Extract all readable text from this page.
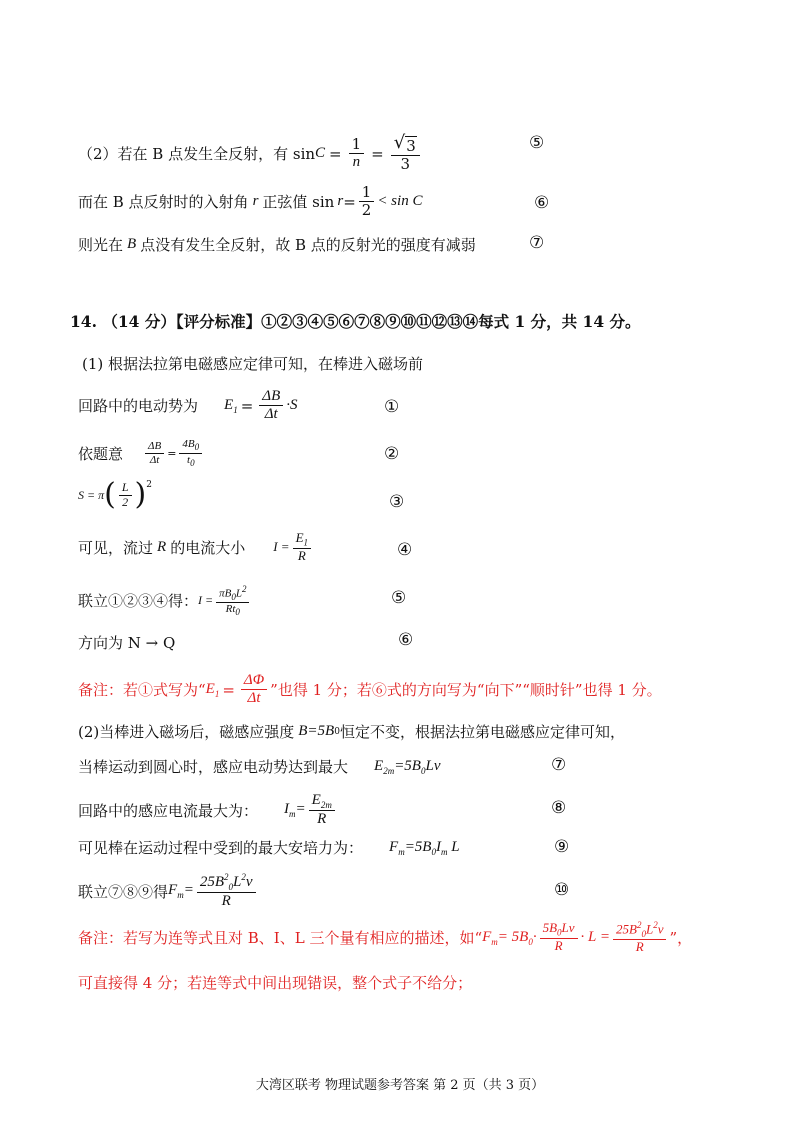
（2）若在 B 点发生全反射，有 $\sin C = \frac{1}{n} = \frac{√ 3}{3}$	⑤
而在 B 点反射时的入射角 r 正弦值 $\sin r = \frac{1}{2} < \sin C$	⑥
则光在 B 点没有发生全反射，故 B 点的反射光的强度有减弱	⑦
14. （14 分）【评分标准】①②③④⑤⑥⑦⑧⑨⑩⑪⑫⑬⑭每式 1 分，共 14 分。
(1) 根据法拉第电磁感应定律可知，在棒进入磁场前
回路中的电动势为 $E_1 = \frac{\Delta B}{\Delta t} \cdot S$	①
依题意 $\frac{\Delta B}{\Delta t} = \frac{4B_0}{t_0}$	②
S = π ( $\frac{L}{2} )^2$
③
可见，流过 R 的电流大小 $I = \frac{E_1}{R}$	④
联立①②③④得： $I = \frac{\pi B_0L^2}{Rt_0}$	⑤
方向为 N → Q	⑥
备注：若①式写为“ $E_1 = \frac{\Delta\Phi}{\Delta t}$ ”也得 1 分；若⑥式的方向写为“向下”“顺时针”也得 1 分。
(2)当棒进入磁场后，磁感应强度 B =5B 0 恒定不变，根据法拉第电磁感应定律可知，
当棒运动到圆心时，感应电动势达到最大 $E_{2m}=5B_0Lv$	⑦
回路中的感应电流最大为： $I_m= \frac{E_{2m}}{R}$	⑧
可见棒在运动过程中受到的最大安培力为： $F_m=5B_0I_m$ L	⑨
联立⑦⑧⑨得 $F_m= \frac{25B^2_0L^2v}{R}$	⑩
备注：若写为连等式且对 B、I、L 三个量有相应的描述，如“ $F_m= 5B_0\cdot \frac{5B_0Lv}{R} \cdot L = \frac{25B^2_0L^2v}{R}$ ”，
可直接得 4 分；若连等式中间出现错误，整个式子不给分；
大湾区联考 物理试题参考答案 第 2 页（共 3 页）
